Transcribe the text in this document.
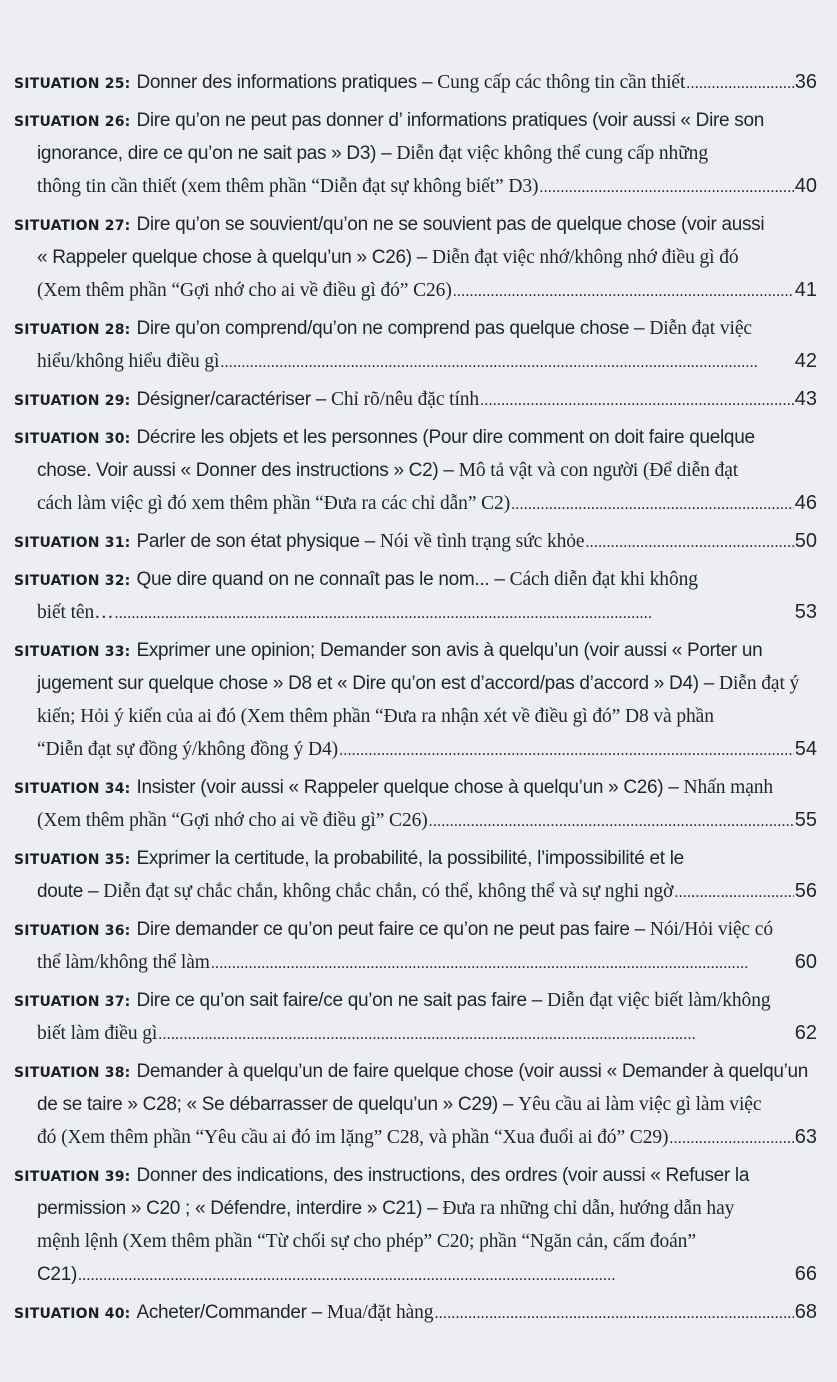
SITUATION 25: Donner des informations pratiques – Cung cấp các thông tin cần thiết . . .	36
SITUATION 26: Dire qu’on ne peut pas donner d’ informations pratiques (voir aussi « Dire son
ignorance, dire ce qu’on ne sait pas » D3) – Diễn đạt việc không thể cung cấp những
thông tin cần thiết (xem thêm phần “Diễn đạt sự không biết” D3) . . .	40
SITUATION 27: Dire qu’on se souvient/qu’on ne se souvient pas de quelque chose (voir aussi
« Rappeler quelque chose à quelqu’un » C26) – Diễn đạt việc nhớ/không nhớ điều gì đó
(Xem thêm phần “Gợi nhớ cho ai về điều gì đó” C26) . . .	41
SITUATION 28: Dire qu’on comprend/qu’on ne comprend pas quelque chose – Diễn đạt việc
hiểu/không hiểu điều gì . . .	42
SITUATION 29: Désigner/caractériser – Chỉ rõ/nêu đặc tính . . .	43
SITUATION 30: Décrire les objets et les personnes (Pour dire comment on doit faire quelque
chose. Voir aussi « Donner des instructions » C2) – Mô tả vật và con người (Để diễn đạt
cách làm việc gì đó xem thêm phần “Đưa ra các chỉ dẫn” C2) . . .	46
SITUATION 31: Parler de son état physique – Nói về tình trạng sức khỏe . . .	50
SITUATION 32: Que dire quand on ne connaît pas le nom... – Cách diễn đạt khi không
biết tên… . . .	53
SITUATION 33: Exprimer une opinion; Demander son avis à quelqu’un (voir aussi « Porter un
jugement sur quelque chose » D8 et « Dire qu’on est d’accord/pas d’accord » D4) – Diễn đạt ý
kiến; Hỏi ý kiến của ai đó (Xem thêm phần “Đưa ra nhận xét về điều gì đó” D8 và phần
“Diễn đạt sự đồng ý/không đồng ý D4) . . .	54
SITUATION 34: Insister (voir aussi « Rappeler quelque chose à quelqu’un » C26) – Nhấn mạnh
(Xem thêm phần “Gợi nhớ cho ai về điều gì” C26) . . .	55
SITUATION 35: Exprimer la certitude, la probabilité, la possibilité, l’impossibilité et le
doute – Diễn đạt sự chắc chắn, không chắc chắn, có thể, không thể và sự nghi ngờ . . .	56
SITUATION 36: Dire demander ce qu’on peut faire ce qu’on ne peut pas faire – Nói/Hỏi việc có
thể làm/không thể làm . . .	60
SITUATION 37: Dire ce qu’on sait faire/ce qu’on ne sait pas faire – Diễn đạt việc biết làm/không
biết làm điều gì . . .	62
SITUATION 38: Demander à quelqu’un de faire quelque chose (voir aussi « Demander à quelqu’un
de se taire » C28; « Se débarrasser de quelqu’un » C29) – Yêu cầu ai làm việc gì làm việc
đó (Xem thêm phần “Yêu cầu ai đó im lặng” C28, và phần “Xua đuổi ai đó” C29) . . .	63
SITUATION 39: Donner des indications, des instructions, des ordres (voir aussi « Refuser la
permission » C20 ; « Défendre, interdire » C21) – Đưa ra những chỉ dẫn, hướng dẫn hay
mệnh lệnh (Xem thêm phần “Từ chối sự cho phép” C20; phần “Ngăn cản, cấm đoán”
C21) . . .	66
SITUATION 40: Acheter/Commander – Mua/đặt hàng . . .	68
